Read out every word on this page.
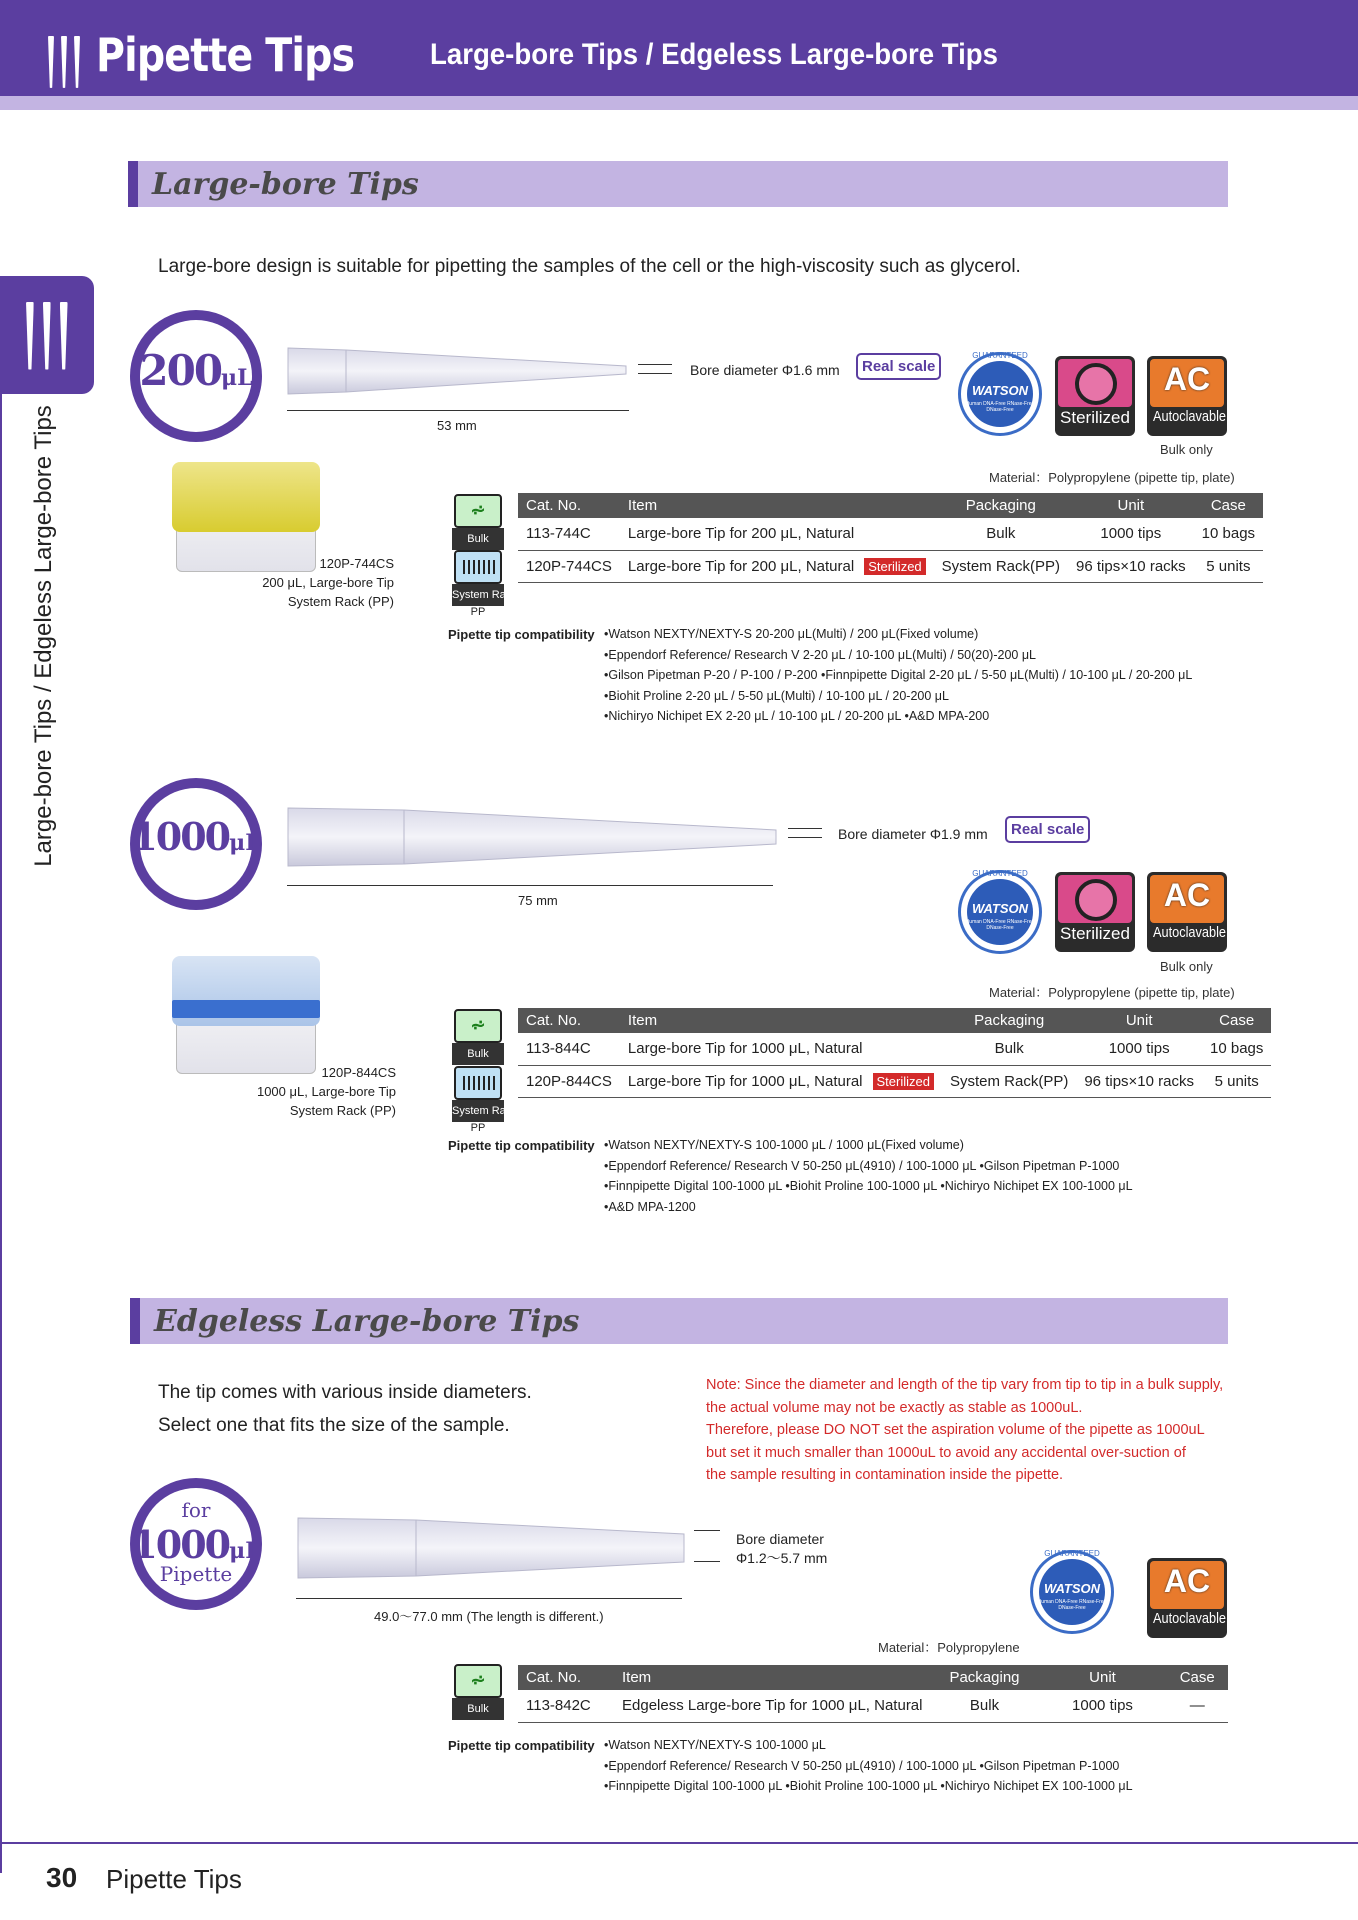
Pipette Tips	Large-bore Tips / Edgeless Large-bore Tips
Large-bore Tips / Edgeless Large-bore Tips
Large-bore Tips
Large-bore design is suitable for pipetting the samples of the cell or the high-viscosity such as glycerol.
200μL
53 mm
Bore diameter Φ1.6 mm	Real scale
GUARANTEED
WATSON
Human DNA-Free RNase-Free DNase-Free	Sterilized
AC
Autoclavable
Bulk only
Material：Polypropylene (pipette tip, plate)
120P-744CS
200 μL, Large-bore Tip
System Rack (PP)
⩫
Bulk
System Rack
PP
Cat. No.	Item	Packaging	Unit	Case
113-744C	Large-bore Tip for 200 μL, Natural	Bulk	1000 tips	10 bags
120P-744CS	Large-bore Tip for 200 μL, Natural Sterilized	System Rack(PP)	96 tips×10 racks	5 units
Pipette tip compatibility •Watson NEXTY/NEXTY-S 20-200 μL(Multi) / 200 μL(Fixed volume)
•Eppendorf Reference/ Research V 2-20 μL / 10-100 μL(Multi) / 50(20)-200 μL
•Gilson Pipetman P-20 / P-100 / P-200 •Finnpipette Digital 2-20 μL / 5-50 μL(Multi) / 10-100 μL / 20-200 μL
•Biohit Proline 2-20 μL / 5-50 μL(Multi) / 10-100 μL / 20-200 μL
•Nichiryo Nichipet EX 2-20 μL / 10-100 μL / 20-200 μL •A&D MPA-200
1000μL
75 mm
Bore diameter Φ1.9 mm	Real scale
GUARANTEED
WATSON
Human DNA-Free RNase-Free DNase-Free	Sterilized
AC
Autoclavable
Bulk only
Material：Polypropylene (pipette tip, plate)
120P-844CS
1000 μL, Large-bore Tip
System Rack (PP)
⩫
Bulk
System Rack
PP
Cat. No.	Item	Packaging	Unit	Case
113-844C	Large-bore Tip for 1000 μL, Natural	Bulk	1000 tips	10 bags
120P-844CS	Large-bore Tip for 1000 μL, Natural Sterilized	System Rack(PP)	96 tips×10 racks	5 units
Pipette tip compatibility •Watson NEXTY/NEXTY-S 100-1000 μL / 1000 μL(Fixed volume)
•Eppendorf Reference/ Research V 50-250 μL(4910) / 100-1000 μL •Gilson Pipetman P-1000
•Finnpipette Digital 100-1000 μL •Biohit Proline 100-1000 μL •Nichiryo Nichipet EX 100-1000 μL
•A&D MPA-1200
Edgeless Large-bore Tips
The tip comes with various inside diameters.
Select one that fits the size of the sample.
Note: Since the diameter and length of the tip vary from tip to tip in a bulk supply,
the actual volume may not be exactly as stable as 1000uL.
Therefore, please DO NOT set the aspiration volume of the pipette as 1000uL
but set it much smaller than 1000uL to avoid any accidental over-suction of
the sample resulting in contamination inside the pipette.
for
1000μL
Pipette
49.0〜77.0 mm (The length is different.)
Bore diameter
Φ1.2〜5.7 mm	GUARANTEED
WATSON
Human DNA-Free RNase-Free DNase-Free
AC
Autoclavable
Material：Polypropylene
⩫
Bulk
Cat. No.	Item	Packaging	Unit	Case
113-842C	Edgeless Large-bore Tip for 1000 μL, Natural	Bulk	1000 tips	—
Pipette tip compatibility •Watson NEXTY/NEXTY-S 100-1000 μL
•Eppendorf Reference/ Research V 50-250 μL(4910) / 100-1000 μL •Gilson Pipetman P-1000
•Finnpipette Digital 100-1000 μL •Biohit Proline 100-1000 μL •Nichiryo Nichipet EX 100-1000 μL
30 Pipette Tips
